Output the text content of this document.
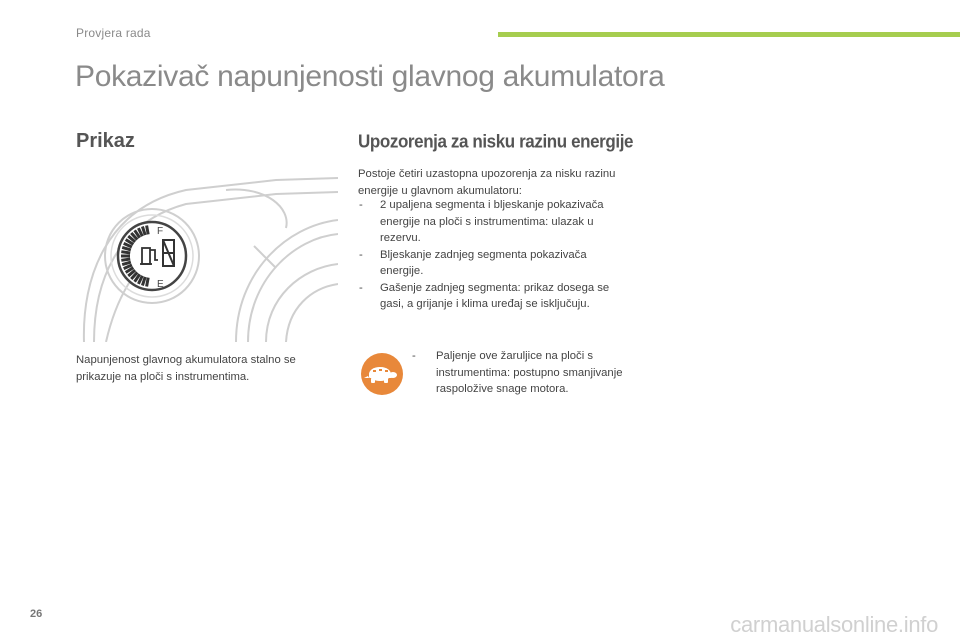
Provjera rada
Pokazivač napunjenosti glavnog akumulatora
Prikaz
F
E
Napunjenost glavnog akumulatora stalno se prikazuje na ploči s instrumentima.
Upozorenja za nisku razinu energije
Postoje četiri uzastopna upozorenja za nisku razinu energije u glavnom akumulatoru:
- 2 upaljena segmenta i bljeskanje pokazivača energije na ploči s instrumentima: ulazak u rezervu.
- Bljeskanje zadnjeg segmenta pokazivača energije.
- Gašenje zadnjeg segmenta: prikaz dosega se gasi, a grijanje i klima uređaj se isključuju.
- Paljenje ove žaruljice na ploči s instrumentima: postupno smanjivanje raspoložive snage motora.
26	carmanualsonline.info
